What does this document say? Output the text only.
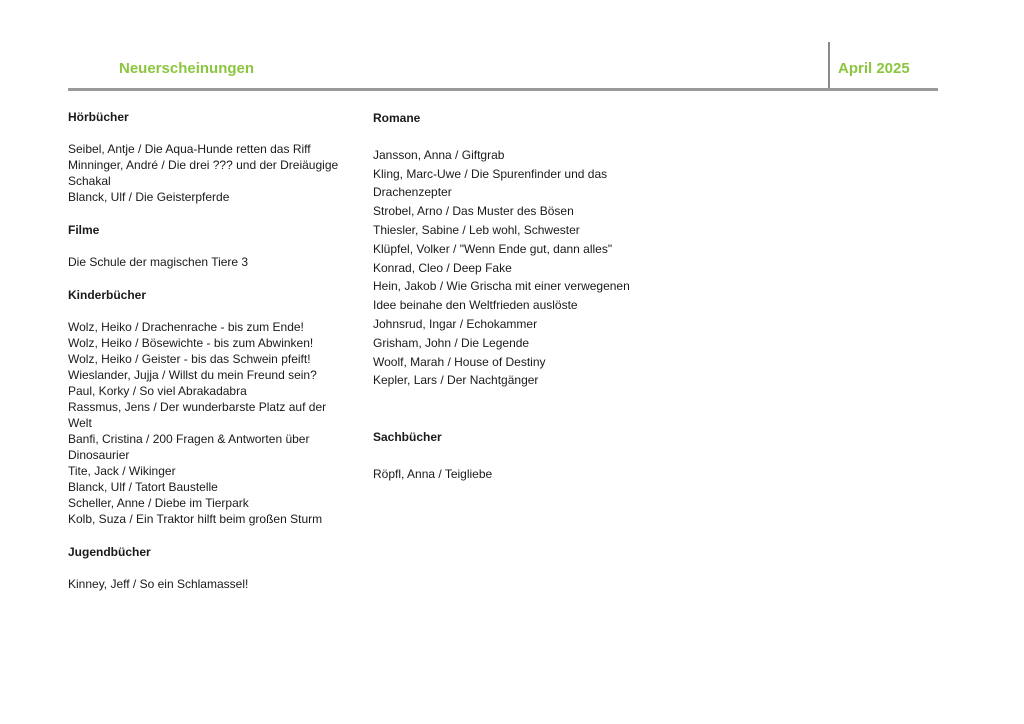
Neuerscheinungen	April 2025
Hörbücher
Seibel, Antje / Die Aqua-Hunde retten das Riff
Minninger, André / Die drei ??? und der Dreiäugige Schakal
Blanck, Ulf / Die Geisterpferde
Filme
Die Schule der magischen Tiere 3
Kinderbücher
Wolz, Heiko / Drachenrache - bis zum Ende!
Wolz, Heiko / Bösewichte - bis zum Abwinken!
Wolz, Heiko / Geister - bis das Schwein pfeift!
Wieslander, Jujja / Willst du mein Freund sein?
Paul, Korky / So viel Abrakadabra
Rassmus, Jens / Der wunderbarste Platz auf der Welt
Banfi, Cristina / 200 Fragen & Antworten über Dinosaurier
Tite, Jack / Wikinger
Blanck, Ulf / Tatort Baustelle
Scheller, Anne / Diebe im Tierpark
Kolb, Suza / Ein Traktor hilft beim großen Sturm
Jugendbücher
Kinney, Jeff / So ein Schlamassel!
Romane
Jansson, Anna / Giftgrab
Kling, Marc-Uwe / Die Spurenfinder und das Drachenzepter
Strobel, Arno / Das Muster des Bösen
Thiesler, Sabine / Leb wohl, Schwester
Klüpfel, Volker / "Wenn Ende gut, dann alles"
Konrad, Cleo / Deep Fake
Hein, Jakob / Wie Grischa mit einer verwegenen Idee beinahe den Weltfrieden auslöste
Johnsrud, Ingar / Echokammer
Grisham, John / Die Legende
Woolf, Marah / House of Destiny
Kepler, Lars / Der Nachtgänger
Sachbücher
Röpfl, Anna / Teigliebe
